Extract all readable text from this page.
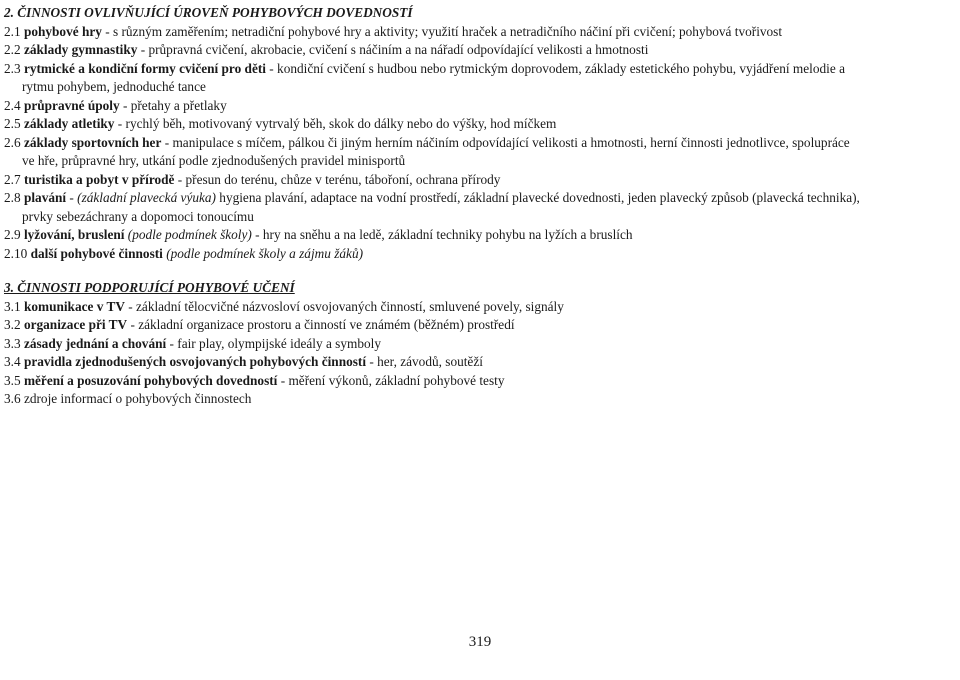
2. ČINNOSTI OVLIVŇUJÍCÍ ÚROVEŇ POHYBOVÝCH DOVEDNOSTÍ

2.1 pohybové hry - s různým zaměřením; netradiční pohybové hry a aktivity; využití hraček a netradičního náčiní při cvičení; pohybová tvořivost

2.2 základy gymnastiky - průpravná cvičení, akrobacie, cvičení s náčiním a na nářadí odpovídající velikosti a hmotnosti

2.3 rytmické a kondiční formy cvičení pro děti - kondiční cvičení s hudbou nebo rytmickým doprovodem, základy estetického pohybu, vyjádření melodie a

rytmu pohybem, jednoduché tance

2.4 průpravné úpoly - přetahy a přetlaky

2.5 základy atletiky - rychlý běh, motivovaný vytrvalý běh, skok do dálky nebo do výšky, hod míčkem

2.6 základy sportovních her - manipulace s míčem, pálkou či jiným herním náčiním odpovídající velikosti a hmotnosti, herní činnosti jednotlivce, spolupráce

ve hře, průpravné hry, utkání podle zjednodušených pravidel minisportů

2.7 turistika a pobyt v přírodě - přesun do terénu, chůze v terénu, tábořoní, ochrana přírody

2.8 plavání - (základní plavecká výuka) hygiena plavání, adaptace na vodní prostředí, základní plavecké dovednosti, jeden plavecký způsob (plavecká technika),

prvky sebezáchrany a dopomoci tonoucímu

2.9 lyžování, bruslení (podle podmínek školy) - hry na sněhu a na ledě, základní techniky pohybu na lyžích a bruslích

2.10 další pohybové činnosti (podle podmínek školy a zájmu žáků)

3. ČINNOSTI PODPORUJÍCÍ POHYBOVÉ UČENÍ

3.1 komunikace v TV - základní tělocvičné názvosloví osvojovaných činností, smluvené povely, signály

3.2 organizace při TV - základní organizace prostoru a činností ve známém (běžném) prostředí

3.3 zásady jednání a chování - fair play, olympijské ideály a symboly

3.4 pravidla zjednodušených osvojovaných pohybových činností - her, závodů, soutěží

3.5 měření a posuzování pohybových dovedností - měření výkonů, základní pohybové testy

3.6 zdroje informací o pohybových činnostech

319
